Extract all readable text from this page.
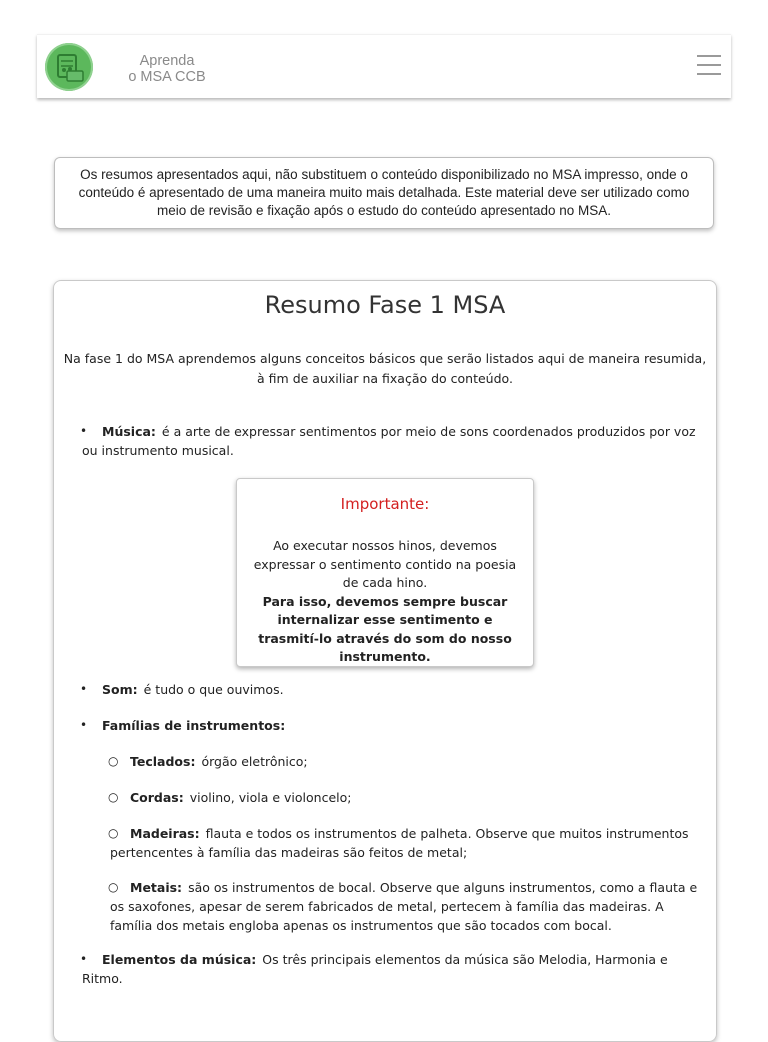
Aprenda
o MSA CCB
Os resumos apresentados aqui, não substituem o conteúdo disponibilizado no MSA impresso, onde o conteúdo é apresentado de uma maneira muito mais detalhada. Este material deve ser utilizado como meio de revisão e fixação após o estudo do conteúdo apresentado no MSA.
Resumo Fase 1 MSA
Na fase 1 do MSA aprendemos alguns conceitos básicos que serão listados aqui de maneira resumida, à fim de auxiliar na fixação do conteúdo.
• Música: é a arte de expressar sentimentos por meio de sons coordenados produzidos por voz ou instrumento musical.
Importante:
Ao executar nossos hinos, devemos expressar o sentimento contido na poesia de cada hino.
Para isso, devemos sempre buscar internalizar esse sentimento e trasmití-lo através do som do nosso instrumento.
• Som: é tudo o que ouvimos.
• Famílias de instrumentos:
○ Teclados: órgão eletrônico;
○ Cordas: violino, viola e violoncelo;
○ Madeiras: flauta e todos os instrumentos de palheta. Observe que muitos instrumentos pertencentes à família das madeiras são feitos de metal;
○ Metais: são os instrumentos de bocal. Observe que alguns instrumentos, como a flauta e os saxofones, apesar de serem fabricados de metal, pertecem à família das madeiras. A família dos metais engloba apenas os instrumentos que são tocados com bocal.
• Elementos da música: Os três principais elementos da música são Melodia, Harmonia e Ritmo.
